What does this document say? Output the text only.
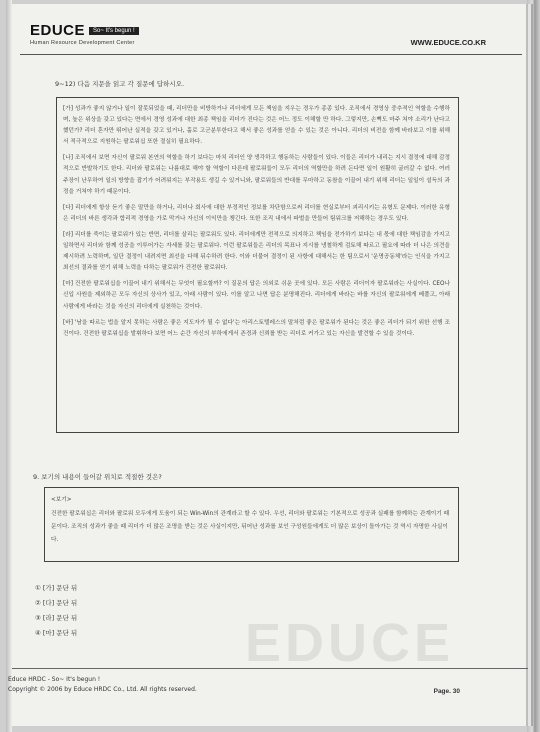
EDUCE	So~ It's begun !
Human Resource Development Center	WWW.EDUCE.CO.KR
9~12) 다음 지문을 읽고 각 질문에 답하시오.

[가] 성과가 좋지 않거나 일이 잘못되었을 때, 리더만을 비방하거나 리더에게 모든 책임을 지우는 경우가 종종 있다. 조직에서 경영상 중추적인 역할을 수행하며, 높은 위상을 갖고 있다는 면에서 경영 성과에 대한 최종 책임을 리더가 진다는 것은 어느 정도 이해할 만 하다. 그렇지만, 손뼉도 마주 쳐야 소리가 난다고 했던가? 리더 혼자만 뛰어난 실적을 갖고 있거나, 홀로 고군분투한다고 해서 좋은 성과를 얻을 수 있는 것은 아니다. 리더의 비전을 함께 바라보고 이를 위해서 적극적으로 지원하는 팔로워십 또한 절실히 필요하다.

[나] 조직에서 보면 자신이 팔로워 본연의 역할을 하기 보다는 마치 리더인 양 생각하고 행동하는 사람들이 있다. 이들은 리더가 내리는 지시 결정에 대해 감정적으로 반발하기도 한다. 리더와 팔로워는 나름대로 해야 할 역할이 다른데 팔로워들이 모두 리더의 역할만을 하려 든다면 일이 원활히 굴러갈 수 없다. 여러 주장이 난무하여 일의 방향을 잡기가 어려워지는 부작용도 생길 수 있거니와, 팔로워들의 반대를 무마하고 동참을 이끌어 내기 위해 리더는 일일이 설득의 과정을 거쳐야 하기 때문이다.

[다] 리더에게 항상 듣기 좋은 말만을 하거나, 리더나 회사에 대한 부정적인 정보를 차단함으로써 리더를 현실로부터 괴리시키는 유형도 문제다. 이러한 유형은 리더의 바른 생각과 합리적 경영을 가로 막거나 자신의 이익만을 챙긴다. 또한 조직 내에서 파벌을 만들어 팀워크를 저해하는 경우도 있다.

[라] 리더를 죽이는 팔로워가 있는 반면, 리더를 살리는 팔로워도 있다. 리더에게만 전적으로 의지하고 책임을 전가하기 보다는 내 몫에 대한 책임감을 가지고 일하면서 리더와 함께 성공을 이루어가는 자세를 갖는 팔로워다. 이런 팔로워들은 리더의 목표나 지시를 냉철하게 검토해 따르고 필요에 따라 더 나은 의견을 제시하려 노력하며, 일단 결정이 내려지면 최선을 다해 뒤수하려 한다. 이와 더불어 결정이 된 사항에 대해서는 한 팀으로서 '운명공동체'라는 인식을 가지고 최선의 결과를 얻기 위해 노력을 다하는 팔로워가 건전한 팔로워다.

[마] 건전한 팔로워십을 이끌어 내기 위해서는 무엇이 필요할까? 이 질문의 답은 의외로 쉬운 곳에 있다. 모든 사람은 리더이자 팔로워라는 사실이다. CEO나 신입 사원을 제외하곤 모두 자신의 상사가 있고, 아래 사람이 있다. 이를 알고 나면 답은 분명해진다. 리더에게 바라는 바를 자신의 팔로워에게 베풀고, 아래 사람에게 바라는 것을 자신의 리더에게 실천하는 것이다.

[바] '남을 따르는 법을 알지 못하는 사람은 좋은 지도자가 될 수 없다'는 아리스토텔레스의 말처럼 좋은 팔로워가 된다는 것은 좋은 리더가 되기 위한 선행 조건이다. 건전한 팔로워십을 발휘하다 보면 어느 순간 자신의 부하에게서 존경과 신뢰를 받는 리더로 커가고 있는 자신을 발견할 수 있을 것이다.

9. 보기의 내용이 들어갈 위치로 적절한 것은?
<보기>
건전한 팔로워십은 리더와 팔로워 모두에게 도움이 되는 Win-Win의 관계라고 할 수 있다. 우선, 리더와 팔로워는 기본적으로 성공과 실패를 함께하는 관계이기 때문이다. 조직의 성과가 좋을 때 리더가 더 많은 조명을 받는 것은 사실이지만, 뒤어난 성과를 보인 구성원들에게도 더 많은 보상이 돌아가는 것 역시 자명한 사실이다.
① [가] 문단 뒤
② [다] 문단 뒤
③ [라] 문단 뒤
④ [마] 문단 뒤	EDUCE
Educe HRDC - So~ It's begun !
Copyright © 2006 by Educe HRDC Co., Ltd. All rights reserved.	Page. 30
